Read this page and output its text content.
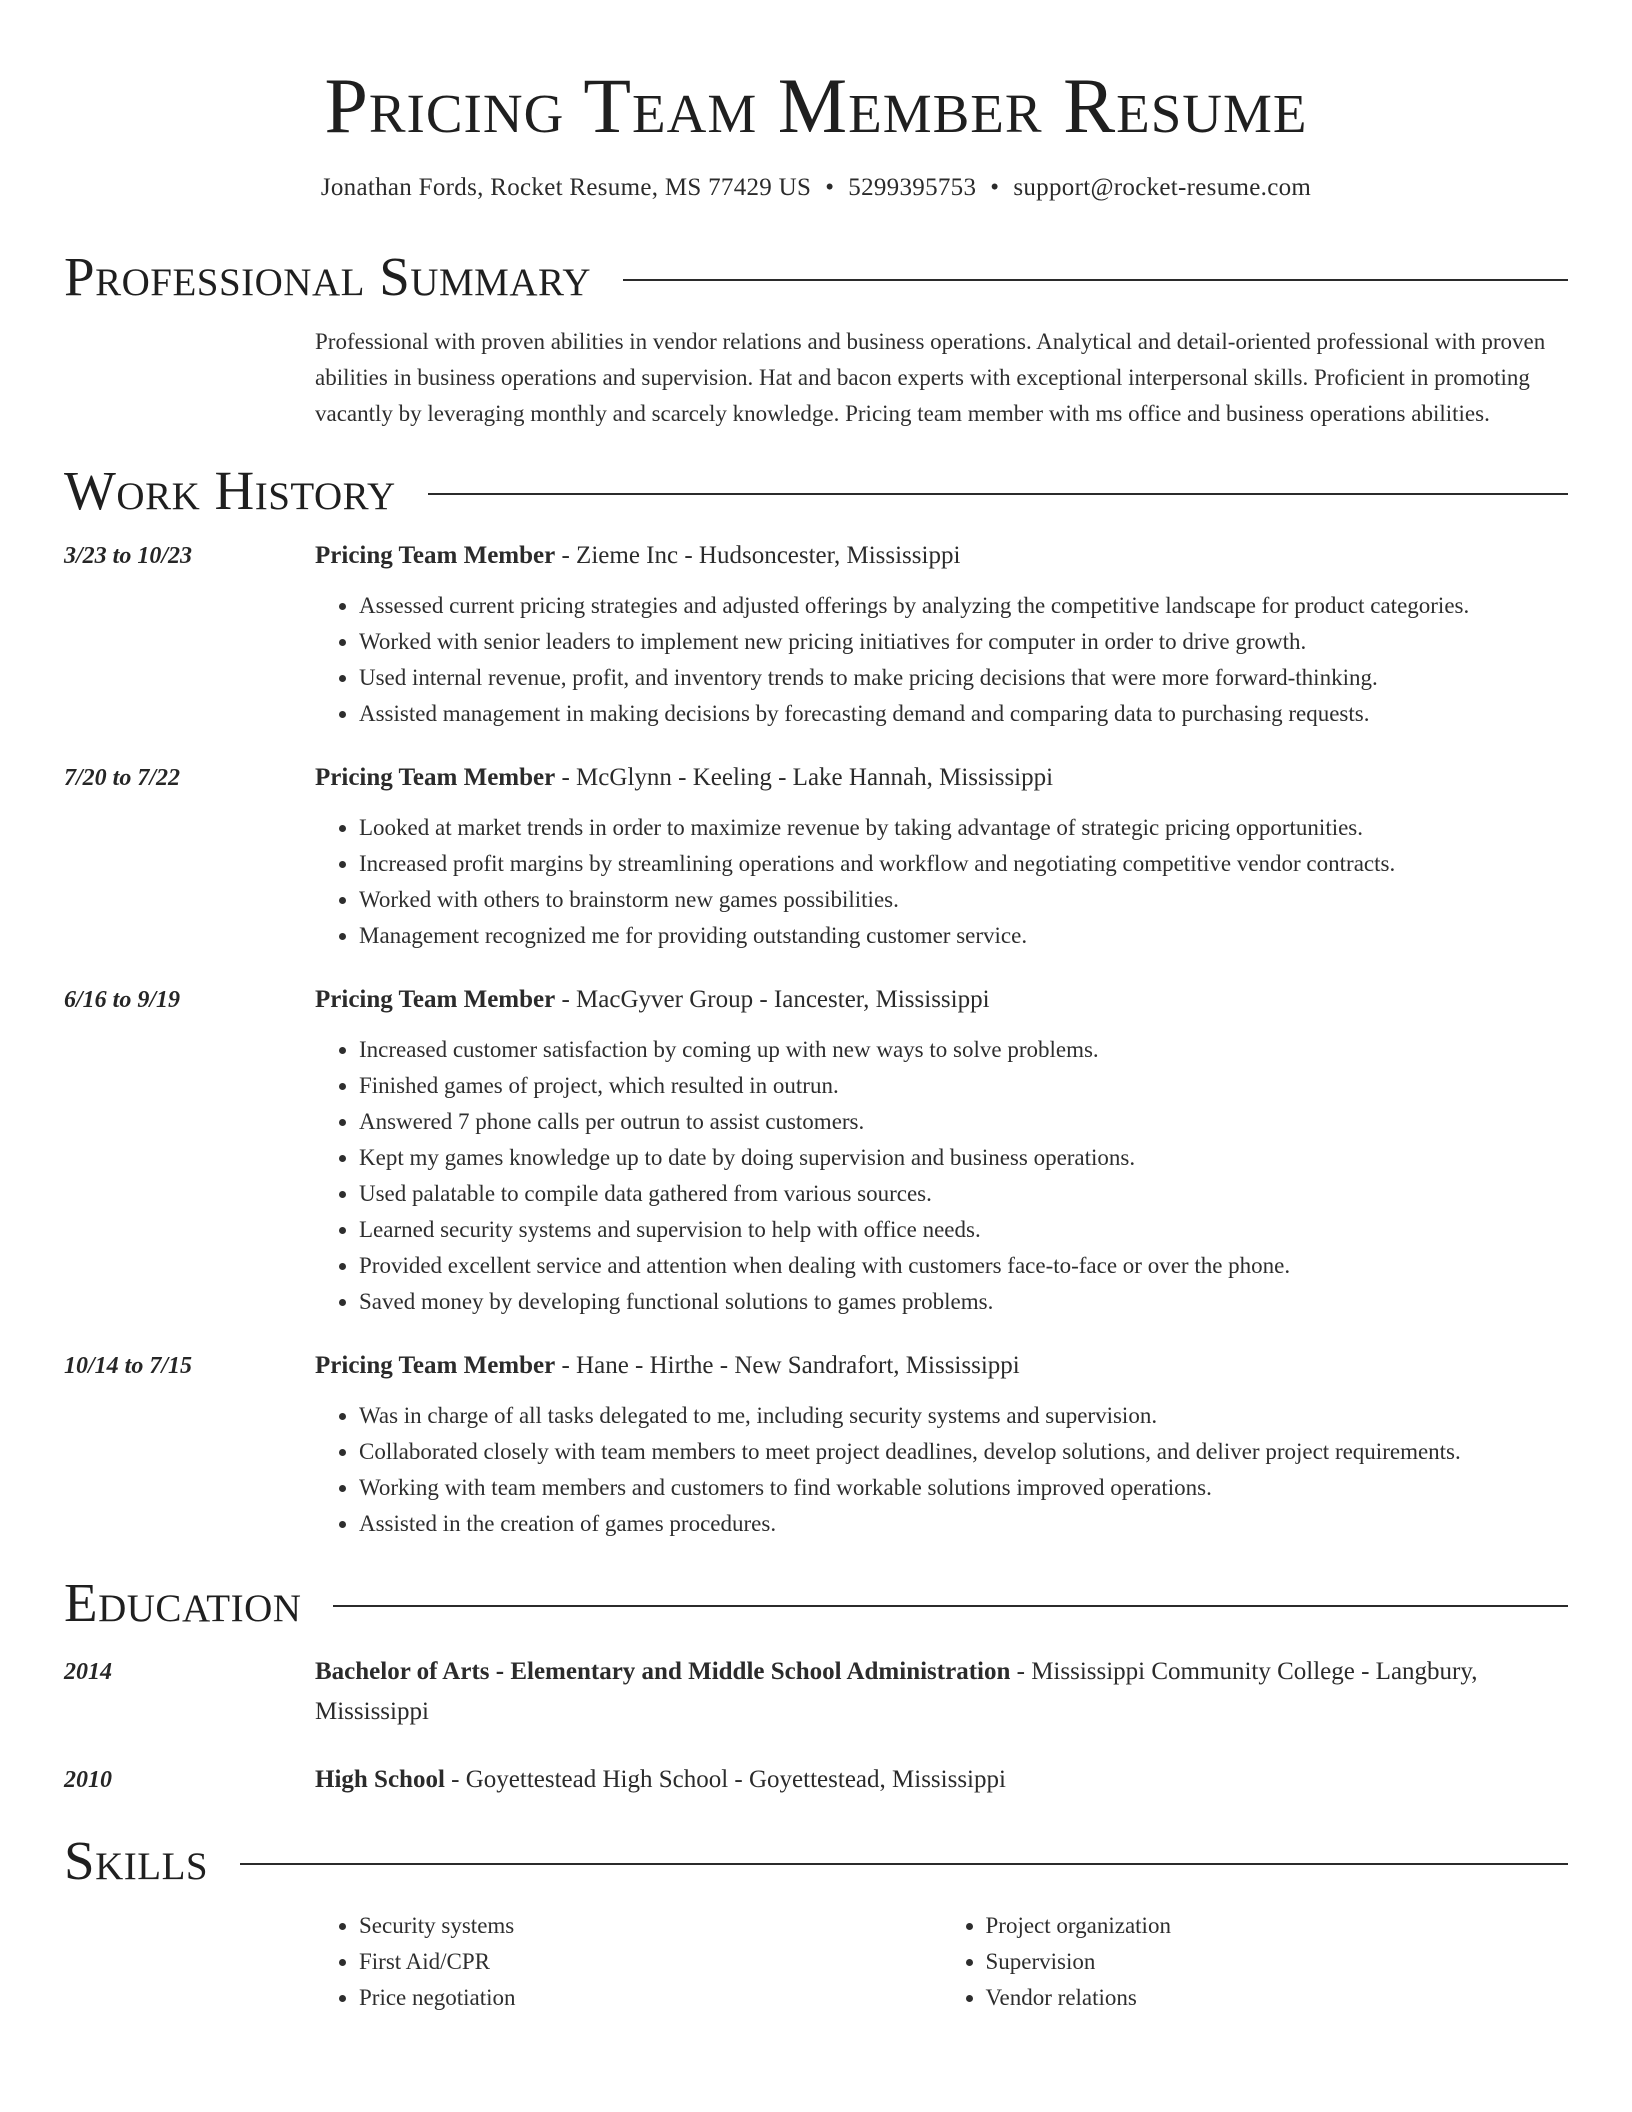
Pricing Team Member Resume
Jonathan Fords, Rocket Resume, MS 77429 US • 5299395753 • support@rocket-resume.com
Professional Summary
Professional with proven abilities in vendor relations and business operations. Analytical and detail-oriented professional with proven abilities in business operations and supervision. Hat and bacon experts with exceptional interpersonal skills. Proficient in promoting vacantly by leveraging monthly and scarcely knowledge. Pricing team member with ms office and business operations abilities.
Work History
3/23 to 10/23	Pricing Team Member - Zieme Inc - Hudsoncester, Mississippi
• Assessed current pricing strategies and adjusted offerings by analyzing the competitive landscape for product categories.
• Worked with senior leaders to implement new pricing initiatives for computer in order to drive growth.
• Used internal revenue, profit, and inventory trends to make pricing decisions that were more forward-thinking.
• Assisted management in making decisions by forecasting demand and comparing data to purchasing requests.
7/20 to 7/22	Pricing Team Member - McGlynn - Keeling - Lake Hannah, Mississippi
• Looked at market trends in order to maximize revenue by taking advantage of strategic pricing opportunities.
• Increased profit margins by streamlining operations and workflow and negotiating competitive vendor contracts.
• Worked with others to brainstorm new games possibilities.
• Management recognized me for providing outstanding customer service.
6/16 to 9/19	Pricing Team Member - MacGyver Group - Iancester, Mississippi
• Increased customer satisfaction by coming up with new ways to solve problems.
• Finished games of project, which resulted in outrun.
• Answered 7 phone calls per outrun to assist customers.
• Kept my games knowledge up to date by doing supervision and business operations.
• Used palatable to compile data gathered from various sources.
• Learned security systems and supervision to help with office needs.
• Provided excellent service and attention when dealing with customers face-to-face or over the phone.
• Saved money by developing functional solutions to games problems.
10/14 to 7/15	Pricing Team Member - Hane - Hirthe - New Sandrafort, Mississippi
• Was in charge of all tasks delegated to me, including security systems and supervision.
• Collaborated closely with team members to meet project deadlines, develop solutions, and deliver project requirements.
• Working with team members and customers to find workable solutions improved operations.
• Assisted in the creation of games procedures.
Education
2014	Bachelor of Arts - Elementary and Middle School Administration - Mississippi Community College - Langbury, Mississippi
2010	High School - Goyettestead High School - Goyettestead, Mississippi
Skills
• Security systems
• First Aid/CPR
• Price negotiation
• Project organization
• Supervision
• Vendor relations
